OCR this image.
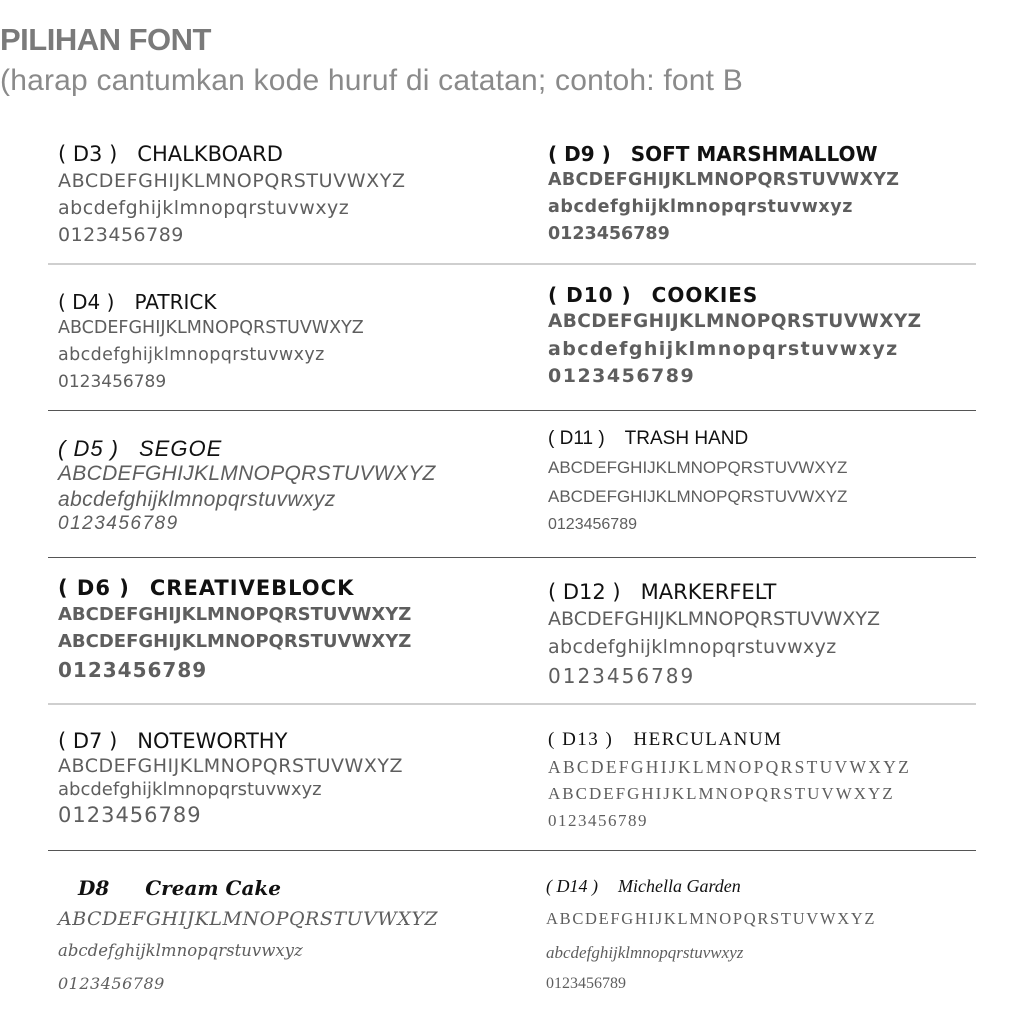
PILIHAN FONT
(harap cantumkan kode huruf di catatan; contoh: font B
( D3 ) CHALKBOARD
ABCDEFGHIJKLMNOPQRSTUVWXYZ
abcdefghijklmnopqrstuvwxyz
0123456789
( D9 ) SOFT MARSHMALLOW
ABCDEFGHIJKLMNOPQRSTUVWXYZ
abcdefghijklmnopqrstuvwxyz
0123456789
( D4 ) PATRICK
ABCDEFGHIJKLMNOPQRSTUVWXYZ
abcdefghijklmnopqrstuvwxyz
0123456789
( D10 ) COOKIES
ABCDEFGHIJKLMNOPQRSTUVWXYZ
abcdefghijklmnopqrstuvwxyz
0123456789
( D5 ) SEGOE
ABCDEFGHIJKLMNOPQRSTUVWXYZ
abcdefghijklmnopqrstuvwxyz
0123456789
( D11 ) TRASH HAND
ABCDEFGHIJKLMNOPQRSTUVWXYZ
ABCDEFGHIJKLMNOPQRSTUVWXYZ
0123456789
( D6 ) CREATIVEBLOCK
ABCDEFGHIJKLMNOPQRSTUVWXYZ
ABCDEFGHIJKLMNOPQRSTUVWXYZ
0123456789
( D12 ) MARKERFELT
ABCDEFGHIJKLMNOPQRSTUVWXYZ
abcdefghijklmnopqrstuvwxyz
0123456789
( D7 ) NOTEWORTHY
ABCDEFGHIJKLMNOPQRSTUVWXYZ
abcdefghijklmnopqrstuvwxyz
0123456789
( D13 ) HERCULANUM
ABCDEFGHIJKLMNOPQRSTUVWXYZ
ABCDEFGHIJKLMNOPQRSTUVWXYZ
0123456789
D8 Cream Cake
ABCDEFGHIJKLMNOPQRSTUVWXYZ
abcdefghijklmnopqrstuvwxyz
0123456789
( D14 ) Michella Garden
ABCDEFGHIJKLMNOPQRSTUVWXYZ
abcdefghijklmnopqrstuvwxyz
0123456789
